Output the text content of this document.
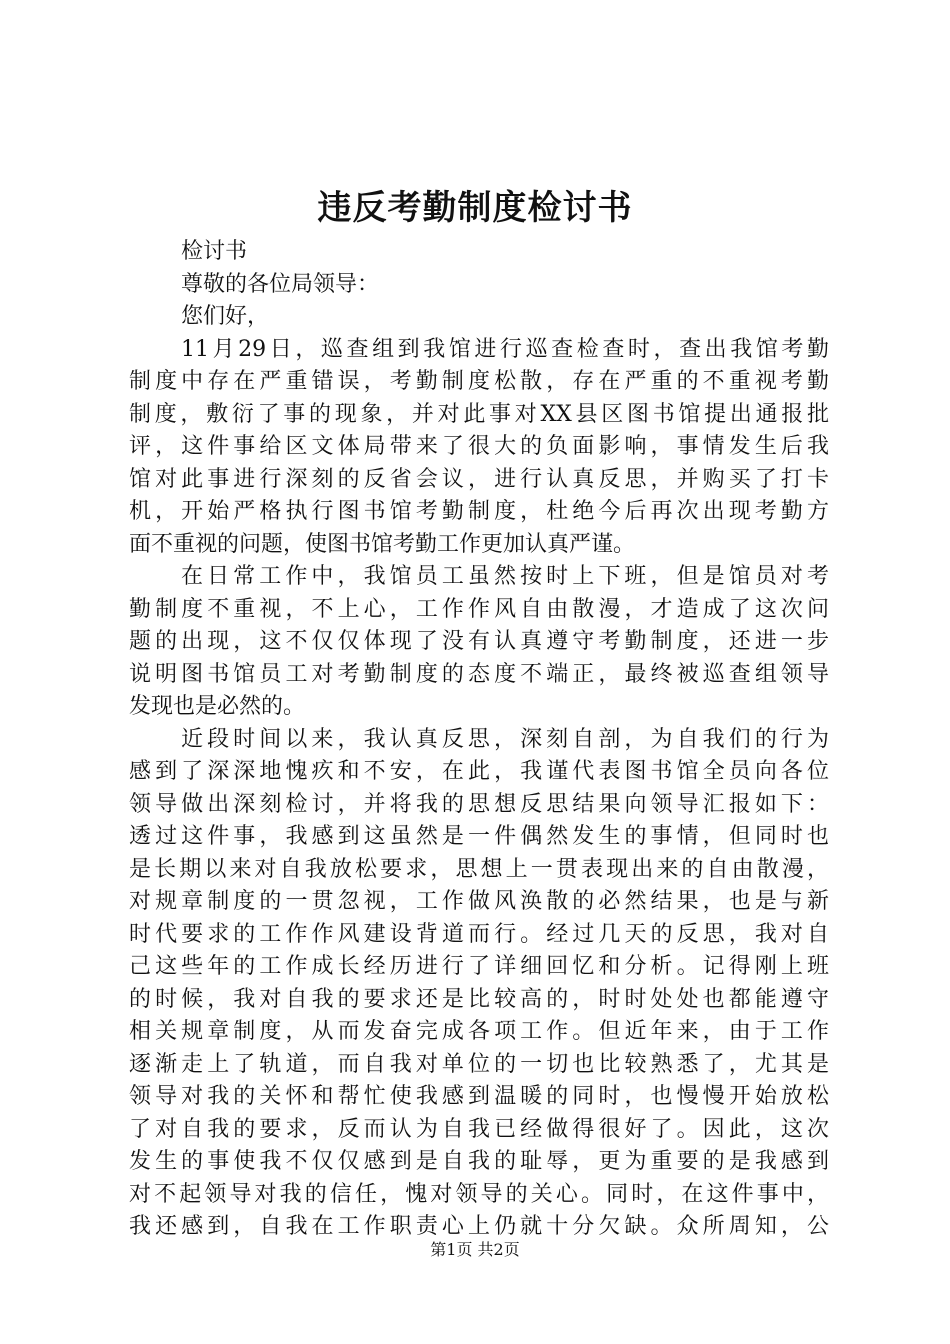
违反考勤制度检讨书
检讨书
尊敬的各位局领导：
您们好，
11月29日，巡查组到我馆进行巡查检查时，查出我馆考勤
制度中存在严重错误，考勤制度松散，存在严重的不重视考勤
制度，敷衍了事的现象，并对此事对XX县区图书馆提出通报批
评，这件事给区文体局带来了很大的负面影响，事情发生后我
馆对此事进行深刻的反省会议，进行认真反思，并购买了打卡
机，开始严格执行图书馆考勤制度，杜绝今后再次出现考勤方
面不重视的问题，使图书馆考勤工作更加认真严谨。
在日常工作中，我馆员工虽然按时上下班，但是馆员对考
勤制度不重视，不上心，工作作风自由散漫，才造成了这次问
题的出现，这不仅仅体现了没有认真遵守考勤制度，还进一步
说明图书馆员工对考勤制度的态度不端正，最终被巡查组领导
发现也是必然的。
近段时间以来，我认真反思，深刻自剖，为自我们的行为
感到了深深地愧疚和不安，在此，我谨代表图书馆全员向各位
领导做出深刻检讨，并将我的思想反思结果向领导汇报如下：
透过这件事，我感到这虽然是一件偶然发生的事情，但同时也
是长期以来对自我放松要求，思想上一贯表现出来的自由散漫，
对规章制度的一贯忽视，工作做风涣散的必然结果，也是与新
时代要求的工作作风建设背道而行。经过几天的反思，我对自
己这些年的工作成长经历进行了详细回忆和分析。记得刚上班
的时候，我对自我的要求还是比较高的，时时处处也都能遵守
相关规章制度，从而发奋完成各项工作。但近年来，由于工作
逐渐走上了轨道，而自我对单位的一切也比较熟悉了，尤其是
领导对我的关怀和帮忙使我感到温暖的同时，也慢慢开始放松
了对自我的要求，反而认为自我已经做得很好了。因此，这次
发生的事使我不仅仅感到是自我的耻辱，更为重要的是我感到
对不起领导对我的信任，愧对领导的关心。同时，在这件事中，
我还感到，自我在工作职责心上仍就十分欠缺。众所周知，公
第1页 共2页
